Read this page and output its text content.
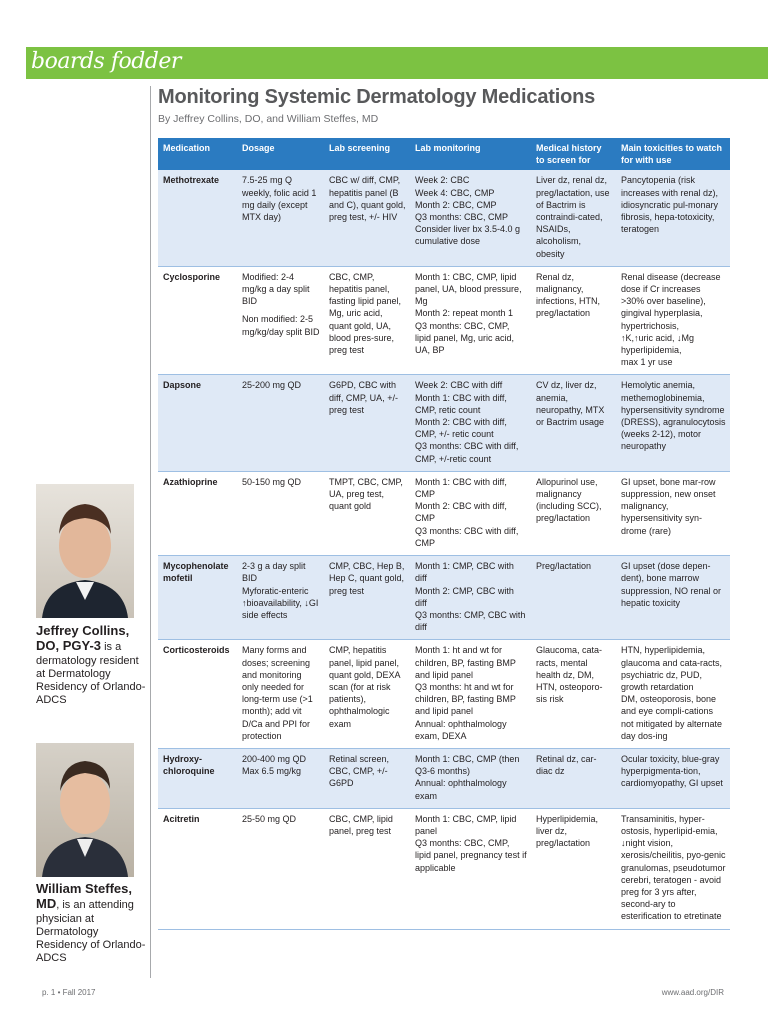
boards fodder
Monitoring Systemic Dermatology Medications
By Jeffrey Collins, DO, and William Steffes, MD
Medication	Dosage	Lab screening	Lab monitoring	Medical history to screen for	Main toxicities to watch for with use
Methotrexate	7.5-25 mg Q weekly, folic acid 1 mg daily (except MTX day)	CBC w/ diff, CMP, hepatitis panel (B and C), quant gold, preg test, +/- HIV	Week 2: CBC
Week 4: CBC, CMP
Month 2: CBC, CMP
Q3 months: CBC, CMP
Consider liver bx 3.5-4.0 g cumulative dose	Liver dz, renal dz, preg/lactation, use of Bactrim is contraindi-cated, NSAIDs, alcoholism, obesity	Pancytopenia (risk increases with renal dz), idiosyncratic pul-monary fibrosis, hepa-totoxicity, teratogen

Cyclosporine	Modified: 2-4 mg/kg a day split BID
Non modified: 2-5 mg/kg/day split BID	CBC, CMP, hepatitis panel, fasting lipid panel, Mg, uric acid, quant gold, UA, blood pres-sure, preg test	Month 1: CBC, CMP, lipid panel, UA, blood pressure, Mg
Month 2: repeat month 1
Q3 months: CBC, CMP, lipid panel, Mg, uric acid, UA, BP	Renal dz, malignancy, infections, HTN, preg/lactation	Renal disease (decrease dose if Cr increases >30% over baseline),
gingival hyperplasia, hypertrichosis,
↑K,↑uric acid, ↓Mg
hyperlipidemia,
max 1 yr use

Dapsone	25-200 mg QD	G6PD, CBC with diff, CMP, UA, +/- preg test	Week 2: CBC with diff
Month 1: CBC with diff, CMP, retic count
Month 2: CBC with diff, CMP, +/- retic count
Q3 months: CBC with diff, CMP, +/-retic count	CV dz, liver dz, anemia, neuropathy, MTX or Bactrim usage	Hemolytic anemia, methemoglobinemia, hypersensitivity syndrome (DRESS), agranulocytosis (weeks 2-12), motor neuropathy

Azathioprine	50-150 mg QD	TMPT, CBC, CMP, UA, preg test, quant gold	Month 1: CBC with diff, CMP
Month 2: CBC with diff, CMP
Q3 months: CBC with diff, CMP	Allopurinol use, malignancy (including SCC), preg/lactation	GI upset, bone mar-row suppression, new onset malignancy, hypersensitivity syn-drome (rare)

Mycophenolate mofetil	2-3 g a day split BID
Myforatic-enteric ↑bioavailability, ↓GI side effects	CMP, CBC, Hep B, Hep C, quant gold, preg test	Month 1: CMP, CBC with diff
Month 2: CMP, CBC with diff
Q3 months: CMP, CBC with diff	Preg/lactation	GI upset (dose depen-dent), bone marrow suppression, NO renal or hepatic toxicity

Corticosteroids	Many forms and doses; screening and monitoring only needed for long-term use (>1 month); add vit D/Ca and PPI for protection	CMP, hepatitis panel, lipid panel, quant gold, DEXA scan (for at risk patients), ophthalmologic exam	Month 1: ht and wt for children, BP, fasting BMP and lipid panel
Q3 months: ht and wt for children, BP, fasting BMP and lipid panel
Annual: ophthalmology exam, DEXA	Glaucoma, cata-racts, mental health dz, DM, HTN, osteoporo-sis risk	HTN, hyperlipidemia, glaucoma and cata-racts,
psychiatric dz, PUD, growth retardation
DM, osteoporosis, bone and eye compli-cations not mitigated by alternate day dos-ing

Hydroxy-chloroquine	200-400 mg QD
Max 6.5 mg/kg	Retinal screen, CBC, CMP, +/- G6PD	Month 1: CBC, CMP (then Q3-6 months)
Annual: ophthalmology exam	Retinal dz, car-diac dz	Ocular toxicity, blue-gray hyperpigmenta-tion, cardiomyopathy, GI upset

Acitretin	25-50 mg QD	CBC, CMP, lipid panel, preg test	Month 1: CBC, CMP, lipid panel
Q3 months: CBC, CMP, lipid panel, pregnancy test if applicable	Hyperlipidemia, liver dz, preg/lactation	Transaminitis, hyper-ostosis, hyperlipid-emia, ↓night vision, xerosis/cheilitis, pyo-genic granulomas, pseudotumor cerebri, teratogen - avoid preg for 3 yrs after, second-ary to esterification to etretinate
Jeffrey Collins, DO, PGY-3 is a dermatology resident at Dermatology Residency of Orlando-ADCS
William Steffes, MD, is an attending physician at Dermatology Residency of Orlando-ADCS
p. 1 • Fall 2017	www.aad.org/DIR
